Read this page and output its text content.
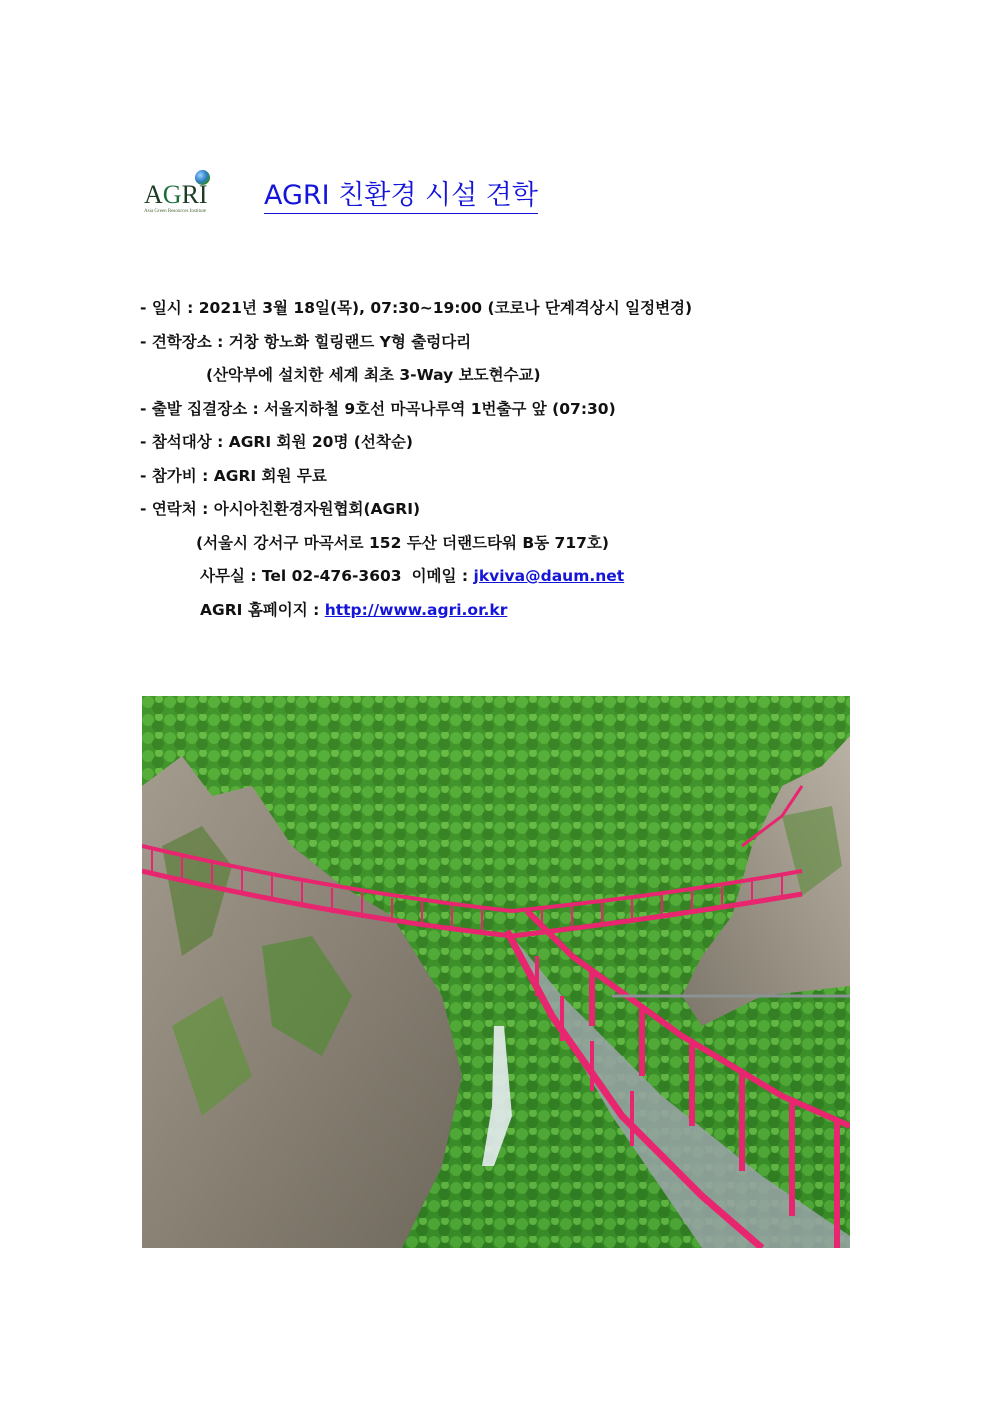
AGRI
Asia Green Resources Institute
AGRI 친환경 시설 견학
- 일시 : 2021년 3월 18일(목), 07:30~19:00 (코로나 단계격상시 일정변경)
- 견학장소 : 거창 항노화 힐링랜드 Y형 출렁다리
(산악부에 설치한 세계 최초 3-Way 보도현수교)
- 출발 집결장소 : 서울지하철 9호선 마곡나루역 1번출구 앞 (07:30)
- 참석대상 : AGRI 회원 20명 (선착순)
- 참가비 : AGRI 회원 무료
- 연락처 : 아시아친환경자원협회(AGRI)
(서울시 강서구 마곡서로 152 두산 더랜드타워 B동 717호)
사무실 : Tel 02-476-3603 이메일 : jkviva@daum.net
AGRI 홈페이지 : http://www.agri.or.kr
